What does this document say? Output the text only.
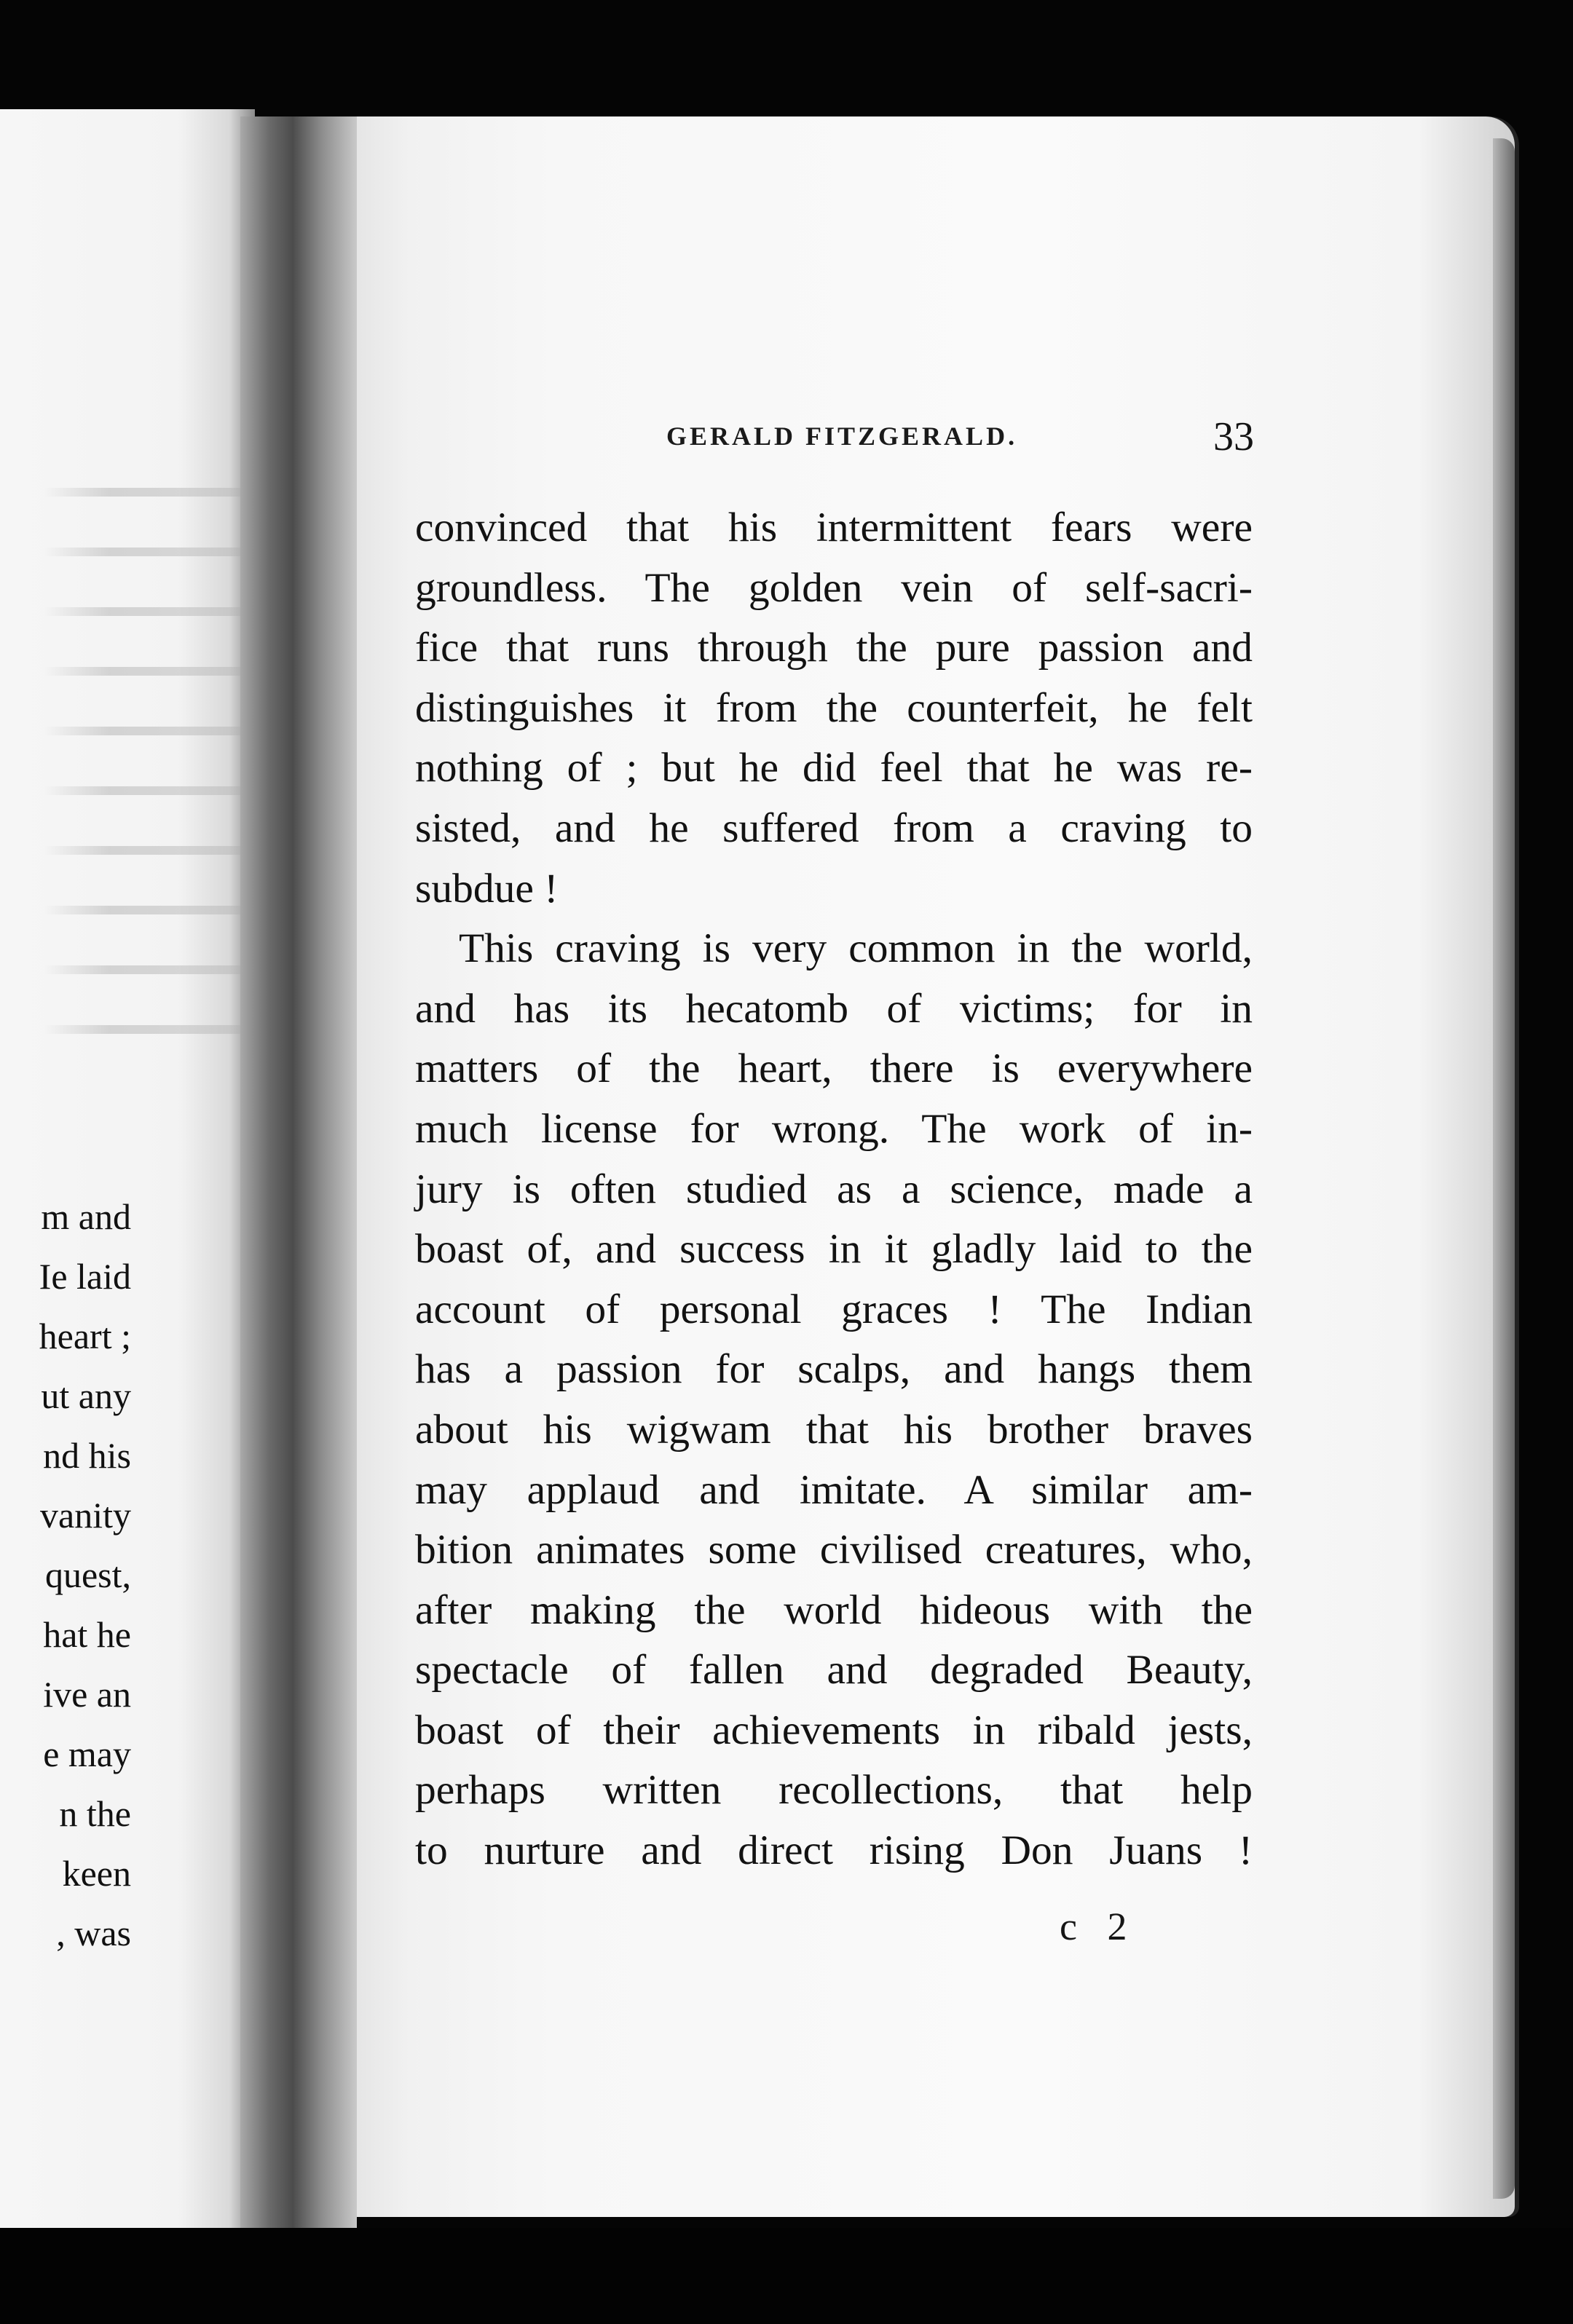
m and
Ie laid
heart ;
ut any
nd his
vanity
quest,
hat he
ive an
e may
n the
keen
, was
GERALD FITZGERALD.	33
convinced that his intermittent fears were
groundless. The golden vein of self-sacri-
fice that runs through the pure passion and
distinguishes it from the counterfeit, he felt
nothing of ; but he did feel that he was re-
sisted, and he suffered from a craving to
subdue !
This craving is very common in the world,
and has its hecatomb of victims; for in
matters of the heart, there is everywhere
much license for wrong. The work of in-
jury is often studied as a science, made a
boast of, and success in it gladly laid to the
account of personal graces ! The Indian
has a passion for scalps, and hangs them
about his wigwam that his brother braves
may applaud and imitate. A similar am-
bition animates some civilised creatures, who,
after making the world hideous with the
spectacle of fallen and degraded Beauty,
boast of their achievements in ribald jests,
perhaps written recollections, that help
to nurture and direct rising Don Juans !
c 2
